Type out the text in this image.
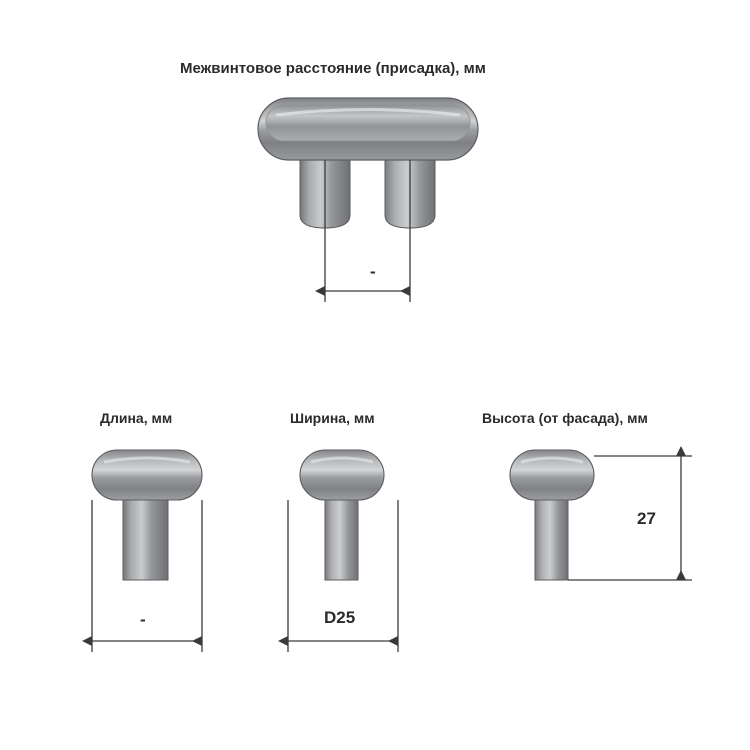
Межвинтовое расстояние (присадка), мм
Длина, мм	Ширина, мм	Высота (от фасада), мм
-
-	D25
27
